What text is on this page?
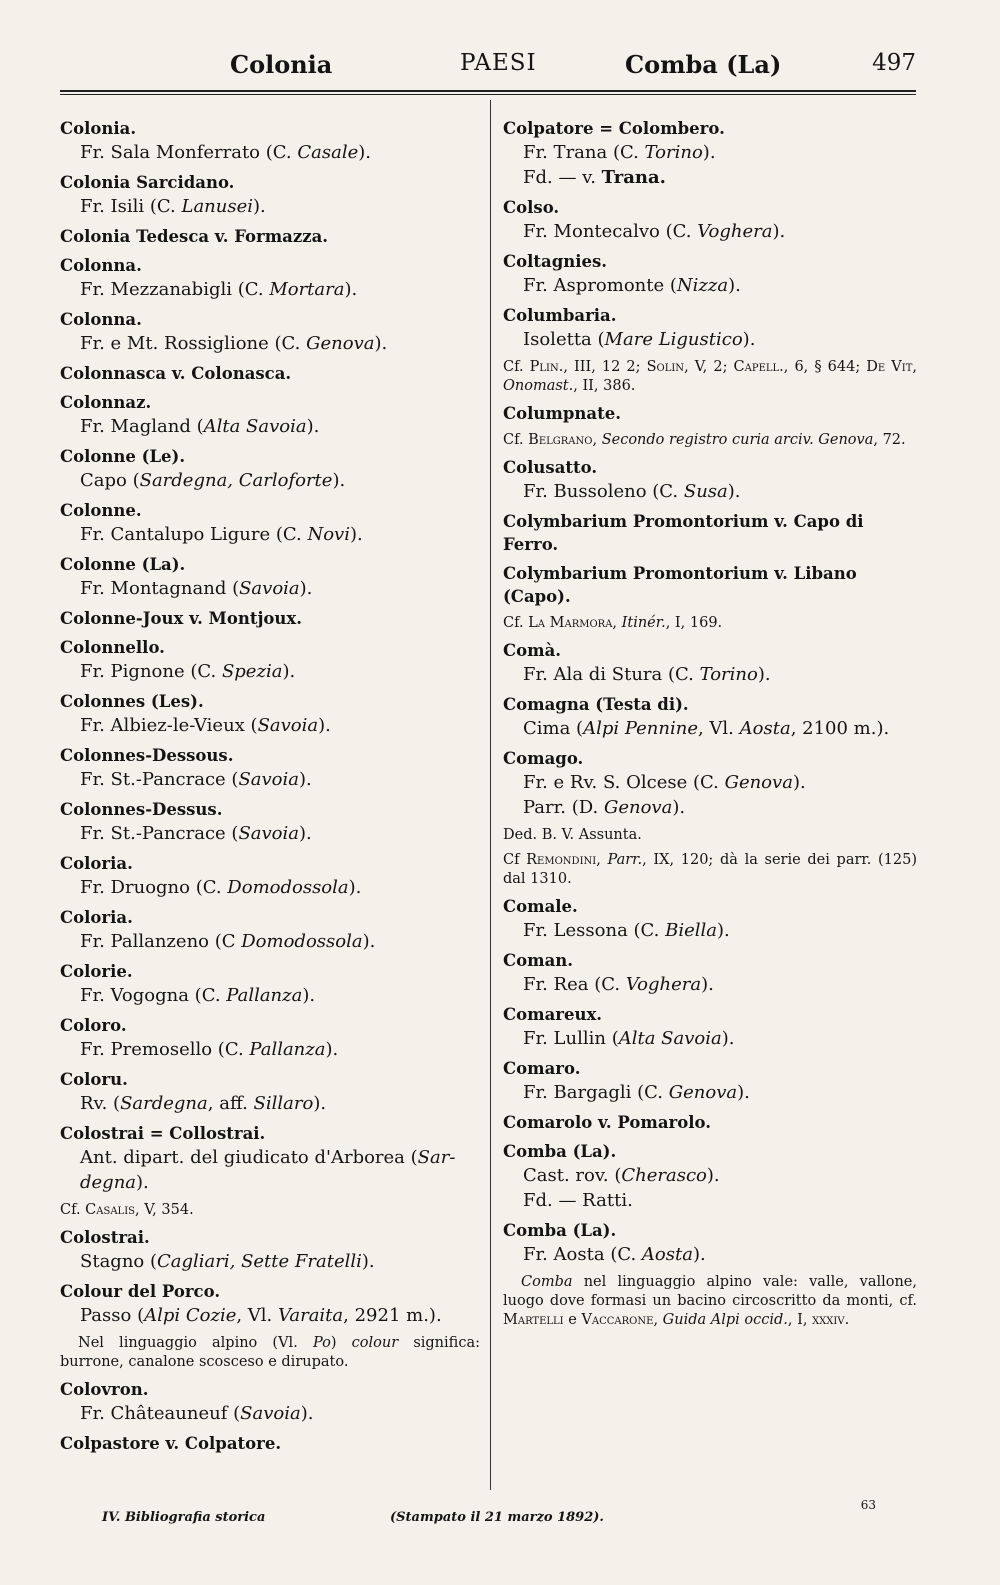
Colonia	PAESI	Comba (La)	497
Colonia.
Fr. Sala Monferrato (C. Casale).
Colonia Sarcidano.
Fr. Isili (C. Lanusei).
Colonia Tedesca v. Formazza.
Colonna.
Fr. Mezzanabigli (C. Mortara).
Colonna.
Fr. e Mt. Rossiglione (C. Genova).
Colonnasca v. Colonasca.
Colonnaz.
Fr. Magland (Alta Savoia).
Colonne (Le).
Capo (Sardegna, Carloforte).
Colonne.
Fr. Cantalupo Ligure (C. Novi).
Colonne (La).
Fr. Montagnand (Savoia).
Colonne-Joux v. Montjoux.
Colonnello.
Fr. Pignone (C. Spezia).
Colonnes (Les).
Fr. Albiez-le-Vieux (Savoia).
Colonnes-Dessous.
Fr. St.-Pancrace (Savoia).
Colonnes-Dessus.
Fr. St.-Pancrace (Savoia).
Coloria.
Fr. Druogno (C. Domodossola).
Coloria.
Fr. Pallanzeno (C Domodossola).
Colorie.
Fr. Vogogna (C. Pallanza).
Coloro.
Fr. Premosello (C. Pallanza).
Coloru.
Rv. (Sardegna, aff. Sillaro).
Colostrai = Collostrai.
Ant. dipart. del giudicato d'Arborea (Sar-
degna).
Cf. Casalis, V, 354.
Colostrai.
Stagno (Cagliari, Sette Fratelli).
Colour del Porco.
Passo (Alpi Cozie, Vl. Varaita, 2921 m.).
Nel linguaggio alpino (Vl. Po) colour significa: burrone, canalone scosceso e dirupato.
Colovron.
Fr. Châteauneuf (Savoia).
Colpastore v. Colpatore.
Colpatore = Colombero.
Fr. Trana (C. Torino).
Fd. — v. Trana.
Colso.
Fr. Montecalvo (C. Voghera).
Coltagnies.
Fr. Aspromonte (Nizza).
Columbaria.
Isoletta (Mare Ligustico).
Cf. Plin., III, 12 2; Solin, V, 2; Capell., 6, § 644; De Vit, Onomast., II, 386.
Columpnate.
Cf. Belgrano, Secondo registro curia arciv. Genova, 72.
Colusatto.
Fr. Bussoleno (C. Susa).
Colymbarium Promontorium v. Capo di Ferro.
Colymbarium Promontorium v. Libano (Capo).
Cf. La Marmora, Itinér., I, 169.
Comà.
Fr. Ala di Stura (C. Torino).
Comagna (Testa di).
Cima (Alpi Pennine, Vl. Aosta, 2100 m.).
Comago.
Fr. e Rv. S. Olcese (C. Genova).
Parr. (D. Genova).
Ded. B. V. Assunta.
Cf Remondini, Parr., IX, 120; dà la serie dei parr. (125) dal 1310.
Comale.
Fr. Lessona (C. Biella).
Coman.
Fr. Rea (C. Voghera).
Comareux.
Fr. Lullin (Alta Savoia).
Comaro.
Fr. Bargagli (C. Genova).
Comarolo v. Pomarolo.
Comba (La).
Cast. rov. (Cherasco).
Fd. — Ratti.
Comba (La).
Fr. Aosta (C. Aosta).
Comba nel linguaggio alpino vale: valle, vallone, luogo dove formasi un bacino circoscritto da monti, cf. Martelli e Vaccarone, Guida Alpi occid., I, xxxiv.
IV. Bibliografia storica	(Stampato il 21 marzo 1892).
63
